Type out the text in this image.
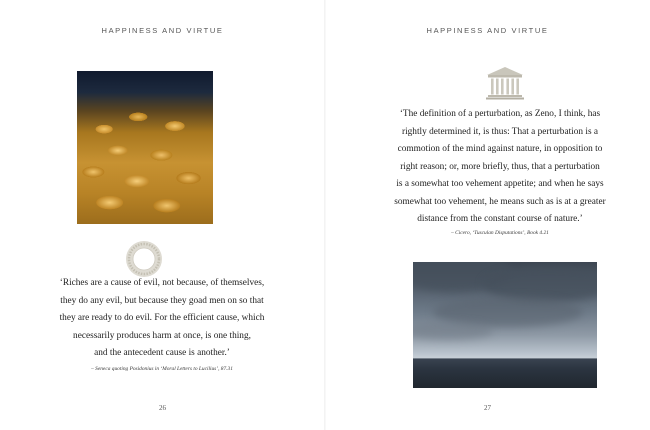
HAPPINESS AND VIRTUE
26
HAPPINESS AND VIRTUE
27

‘Riches are a cause of evil, not because, of themselves,
they do any evil, but because they goad men on so that
they are ready to do evil. For the efficient cause, which
necessarily produces harm at once, is one thing,
and the antecedent cause is another.’

– Seneca quoting Posidonius in ‘Moral Letters to Lucilius’, 87.31

‘The definition of a perturbation, as Zeno, I think, has
rightly determined it, is thus: That a perturbation is a
commotion of the mind against nature, in opposition to
right reason; or, more briefly, thus, that a perturbation
is a somewhat too vehement appetite; and when he says
somewhat too vehement, he means such as is at a greater
distance from the constant course of nature.’

– Cicero, ‘Tusculan Disputations’, Book 4.21
